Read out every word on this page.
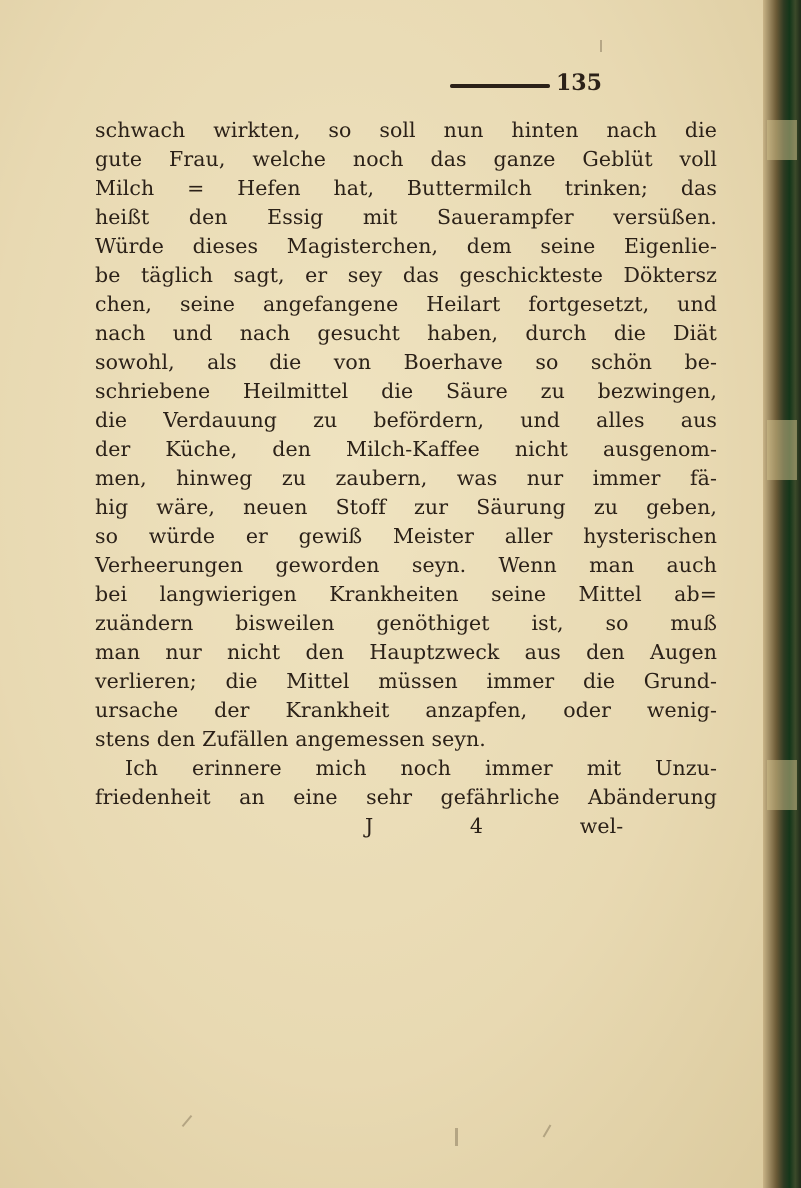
135
schwach wirkten, so soll nun hinten nach die
gute Frau, welche noch das ganze Geblüt voll
Milch = Hefen hat, Buttermilch trinken; das
heißt den Essig mit Sauerampfer versüßen.
Würde dieses Magisterchen, dem seine Eigenlie-
be täglich sagt, er sey das geschickteste Döktersz
chen, seine angefangene Heilart fortgesetzt, und
nach und nach gesucht haben, durch die Diät
sowohl, als die von Boerhave so schön be-
schriebene Heilmittel die Säure zu bezwingen,
die Verdauung zu befördern, und alles aus
der Küche, den Milch-Kaffee nicht ausgenom-
men, hinweg zu zaubern, was nur immer fä-
hig wäre, neuen Stoff zur Säurung zu geben,
so würde er gewiß Meister aller hysterischen
Verheerungen geworden seyn. Wenn man auch
bei langwierigen Krankheiten seine Mittel ab=
zuändern bisweilen genöthiget ist, so muß
man nur nicht den Hauptzweck aus den Augen
verlieren; die Mittel müssen immer die Grund-
ursache der Krankheit anzapfen, oder wenig-
stens den Zufällen angemessen seyn.
Ich erinnere mich noch immer mit Unzu-
friedenheit an eine sehr gefährliche Abänderung
J 4	wel-
